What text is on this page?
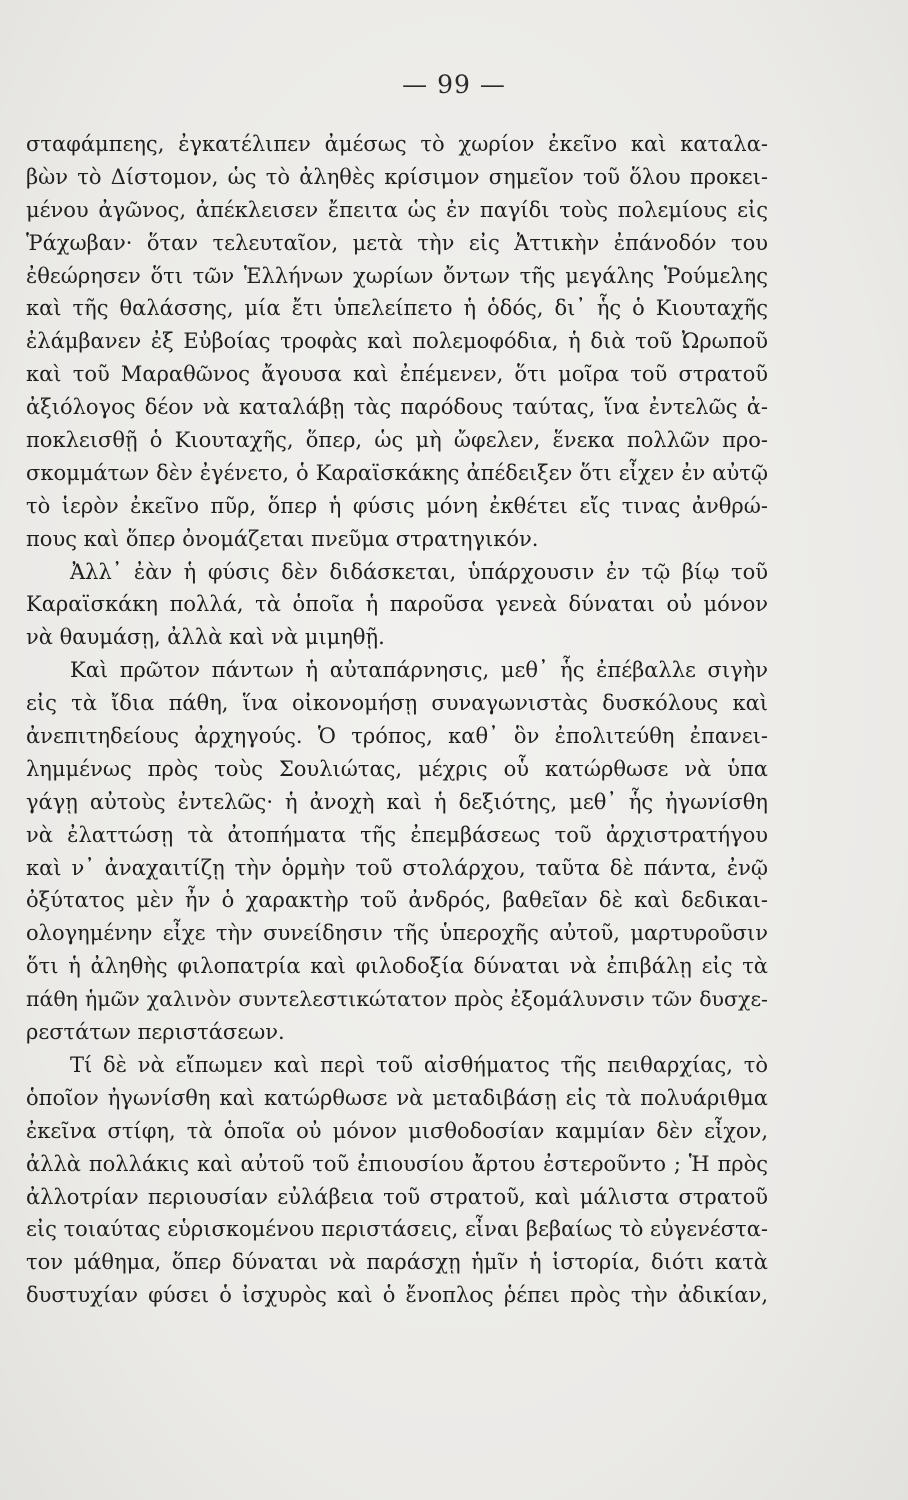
— 99 —
σταφάμπεης, ἐγκατέλιπεν ἀμέσως τὸ χωρίον ἐκεῖνο καὶ καταλα-
βὼν τὸ Δίστομον, ὡς τὸ ἀληθὲς κρίσιμον σημεῖον τοῦ ὅλου προκει-
μένου ἀγῶνος, ἀπέκλεισεν ἔπειτα ὡς ἐν παγίδι τοὺς πολεμίους εἰς
Ῥάχωβαν· ὅταν τελευταῖον, μετὰ τὴν εἰς Ἀττικὴν ἐπάνοδόν του
ἐθεώρησεν ὅτι τῶν Ἑλλήνων χωρίων ὄντων τῆς μεγάλης Ῥούμελης
καὶ τῆς θαλάσσης, μία ἔτι ὑπελείπετο ἡ ὁδός, δι᾽ ἧς ὁ Κιουταχῆς
ἐλάμβανεν ἐξ Εὐβοίας τροφὰς καὶ πολεμοφόδια, ἡ διὰ τοῦ Ὠρωποῦ
καὶ τοῦ Μαραθῶνος ἄγουσα καὶ ἐπέμενεν, ὅτι μοῖρα τοῦ στρατοῦ
ἀξιόλογος δέον νὰ καταλάβῃ τὰς παρόδους ταύτας, ἵνα ἐντελῶς ἀ-
ποκλεισθῇ ὁ Κιουταχῆς, ὅπερ, ὡς μὴ ὤφελεν, ἕνεκα πολλῶν προ-
σκομμάτων δὲν ἐγένετο, ὁ Καραϊσκάκης ἀπέδειξεν ὅτι εἶχεν ἐν αὐτῷ
τὸ ἱερὸν ἐκεῖνο πῦρ, ὅπερ ἡ φύσις μόνη ἐκθέτει εἴς τινας ἀνθρώ-
πους καὶ ὅπερ ὀνομάζεται πνεῦμα στρατηγικόν.
Ἀλλ᾽ ἐὰν ἡ φύσις δὲν διδάσκεται, ὑπάρχουσιν ἐν τῷ βίῳ τοῦ
Καραϊσκάκη πολλά, τὰ ὁποῖα ἡ παροῦσα γενεὰ δύναται οὐ μόνον
νὰ θαυμάσῃ, ἀλλὰ καὶ νὰ μιμηθῇ.
Καὶ πρῶτον πάντων ἡ αὐταπάρνησις, μεθ᾽ ἧς ἐπέβαλλε σιγὴν
εἰς τὰ ἴδια πάθη, ἵνα οἰκονομήσῃ συναγωνιστὰς δυσκόλους καὶ
ἀνεπιτηδείους ἀρχηγούς. Ὁ τρόπος, καθ᾽ ὃν ἐπολιτεύθη ἐπανει-
λημμένως πρὸς τοὺς Σουλιώτας, μέχρις οὗ κατώρθωσε νὰ ὑπα
γάγῃ αὐτοὺς ἐντελῶς· ἡ ἀνοχὴ καὶ ἡ δεξιότης, μεθ᾽ ἧς ἠγωνίσθη
νὰ ἐλαττώσῃ τὰ ἀτοπήματα τῆς ἐπεμβάσεως τοῦ ἀρχιστρατήγου
καὶ ν᾽ ἀναχαιτίζῃ τὴν ὁρμὴν τοῦ στολάρχου, ταῦτα δὲ πάντα, ἐνῷ
ὀξύτατος μὲν ἦν ὁ χαρακτὴρ τοῦ ἀνδρός, βαθεῖαν δὲ καὶ δεδικαι-
ολογημένην εἶχε τὴν συνείδησιν τῆς ὑπεροχῆς αὐτοῦ, μαρτυροῦσιν
ὅτι ἡ ἀληθὴς φιλοπατρία καὶ φιλοδοξία δύναται νὰ ἐπιβάλῃ εἰς τὰ
πάθη ἡμῶν χαλινὸν συντελεστικώτατον πρὸς ἐξομάλυνσιν τῶν δυσχε-
ρεστάτων περιστάσεων.
Τί δὲ νὰ εἴπωμεν καὶ περὶ τοῦ αἰσθήματος τῆς πειθαρχίας, τὸ
ὁποῖον ἠγωνίσθη καὶ κατώρθωσε νὰ μεταδιβάσῃ εἰς τὰ πολυάριθμα
ἐκεῖνα στίφη, τὰ ὁποῖα οὐ μόνον μισθοδοσίαν καμμίαν δὲν εἶχον,
ἀλλὰ πολλάκις καὶ αὐτοῦ τοῦ ἐπιουσίου ἄρτου ἐστεροῦντο ; Ἡ πρὸς
ἀλλοτρίαν περιουσίαν εὐλάβεια τοῦ στρατοῦ, καὶ μάλιστα στρατοῦ
εἰς τοιαύτας εὑρισκομένου περιστάσεις, εἶναι βεβαίως τὸ εὐγενέστα-
τον μάθημα, ὅπερ δύναται νὰ παράσχῃ ἡμῖν ἡ ἱστορία, διότι κατὰ
δυστυχίαν φύσει ὁ ἰσχυρὸς καὶ ὁ ἔνοπλος ῥέπει πρὸς τὴν ἀδικίαν,
